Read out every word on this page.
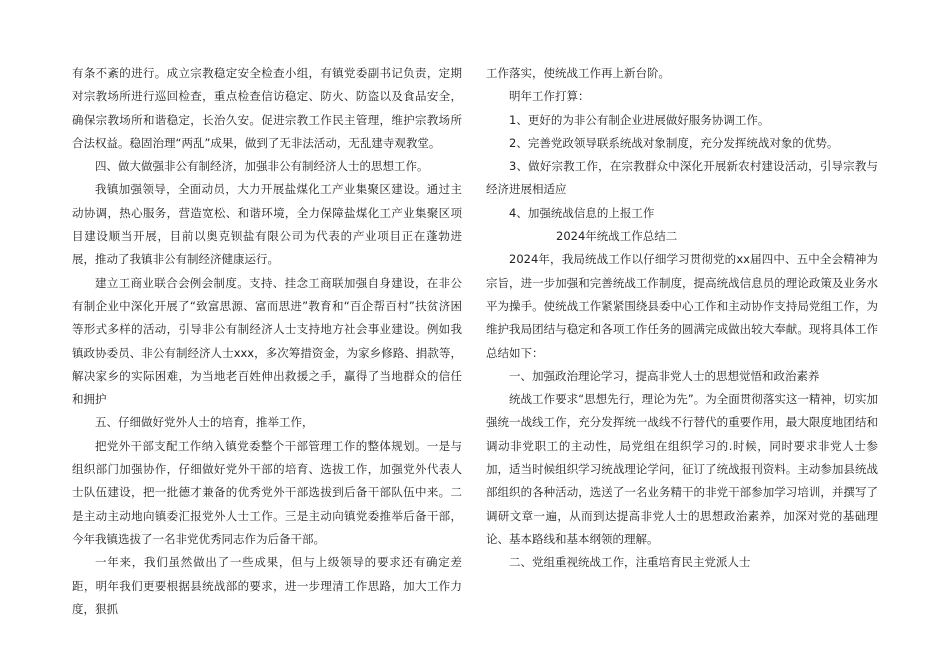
有条不紊的进行。成立宗教稳定安全检查小组，有镇党委副书记负责，定期对宗教场所进行巡回检查，重点检查信访稳定、防火、防盗以及食品安全，确保宗教场所和谐稳定，长治久安。促进宗教工作民主管理，维护宗教场所合法权益。稳固治理“两乱”成果，做到了无非法活动，无乱建寺观教堂。

四、做大做强非公有制经济，加强非公有制经济人士的思想工作。

我镇加强领导，全面动员，大力开展盐煤化工产业集聚区建设。通过主动协调，热心服务，营造宽松、和谐环境，全力保障盐煤化工产业集聚区项目建设顺当开展，目前以奥克钡盐有限公司为代表的产业项目正在蓬勃进展，推动了我镇非公有制经济健康运行。

建立工商业联合会例会制度。支持、挂念工商联加强自身建设，在非公有制企业中深化开展了“致富思源、富而思进”教育和“百企帮百村”扶贫济困等形式多样的活动，引导非公有制经济人士支持地方社会事业建设。例如我镇政协委员、非公有制经济人士xxx，多次筹措资金，为家乡修路、捐款等，解决家乡的实际困难，为当地老百姓伸出救援之手，赢得了当地群众的信任和拥护

五、仔细做好党外人士的培育，推举工作，

把党外干部支配工作纳入镇党委整个干部管理工作的整体规划。一是与组织部门加强协作，仔细做好党外干部的培育、选拔工作，加强党外代表人士队伍建设，把一批德才兼备的优秀党外干部选拔到后备干部队伍中来。二是主动主动地向镇委汇报党外人士工作。三是主动向镇党委推举后备干部，今年我镇选拔了一名非党优秀同志作为后备干部。

一年来，我们虽然做出了一些成果，但与上级领导的要求还有确定差距，明年我们更要根据县统战部的要求，进一步理清工作思路，加大工作力度，狠抓

工作落实，使统战工作再上新台阶。

明年工作打算：

1、更好的为非公有制企业进展做好服务协调工作。

2、完善党政领导联系统战对象制度，充分发挥统战对象的优势。

3、做好宗教工作，在宗教群众中深化开展新农村建设活动，引导宗教与经济进展相适应

4、加强统战信息的上报工作

2024年统战工作总结二

2024年，我局统战工作以仔细学习贯彻党的xx届四中、五中全会精神为宗旨，进一步加强和完善统战工作制度，提高统战信息员的理论政策及业务水平为操手。使统战工作紧紧围绕县委中心工作和主动协作支持局党组工作，为维护我局团结与稳定和各项工作任务的圆满完成做出较大奉献。现将具体工作总结如下：

一、加强政治理论学习，提高非党人士的思想觉悟和政治素养

统战工作要求“思想先行，理论为先”。为全面贯彻落实这一精神，切实加强统一战线工作，充分发挥统一战线不行替代的重要作用，最大限度地团结和调动非党职工的主动性，局党组在组织学习的.时候，同时要求非党人士参加，适当时候组织学习统战理论学问，征订了统战报刊资料。主动参加县统战部组织的各种活动，选送了一名业务精干的非党干部参加学习培训，并撰写了调研文章一遍，从而到达提高非党人士的思想政治素养，加深对党的基础理论、基本路线和基本纲领的理解。

二、党组重视统战工作，注重培育民主党派人士
